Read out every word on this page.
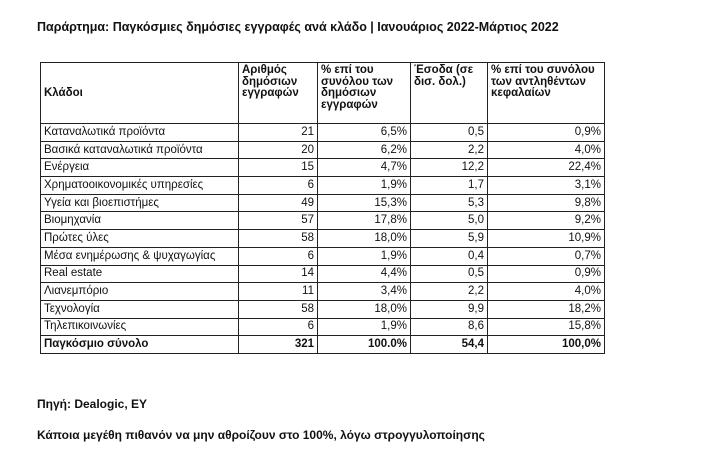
Παράρτημα: Παγκόσμιες δημόσιες εγγραφές ανά κλάδο | Ιανουάριος 2022-Μάρτιος 2022
Κλάδοι	Αριθμός δημόσιων εγγραφών	% επί του συνόλου των δημόσιων εγγραφών	Έσοδα (σε δισ. δολ.)	% επί του συνόλου των αντληθέντων κεφαλαίων
Καταναλωτικά προϊόντα	21	6,5%	0,5	0,9%
Βασικά καταναλωτικά προϊόντα	20	6,2%	2,2	4,0%
Ενέργεια	15	4,7%	12,2	22,4%
Χρηματοοικονομικές υπηρεσίες	6	1,9%	1,7	3,1%
Υγεία και βιοεπιστήμες	49	15,3%	5,3	9,8%
Βιομηχανία	57	17,8%	5,0	9,2%
Πρώτες ύλες	58	18,0%	5,9	10,9%
Μέσα ενημέρωσης & ψυχαγωγίας	6	1,9%	0,4	0,7%
Real estate	14	4,4%	0,5	0,9%
Λιανεμπόριο	11	3,4%	2,2	4,0%
Τεχνολογία	58	18,0%	9,9	18,2%
Τηλεπικοινωνίες	6	1,9%	8,6	15,8%
Παγκόσμιο σύνολο	321	100.0%	54,4	100,0%
Πηγή: Dealogic, EY
Κάποια μεγέθη πιθανόν να μην αθροίζουν στο 100%, λόγω στρογγυλοποίησης
